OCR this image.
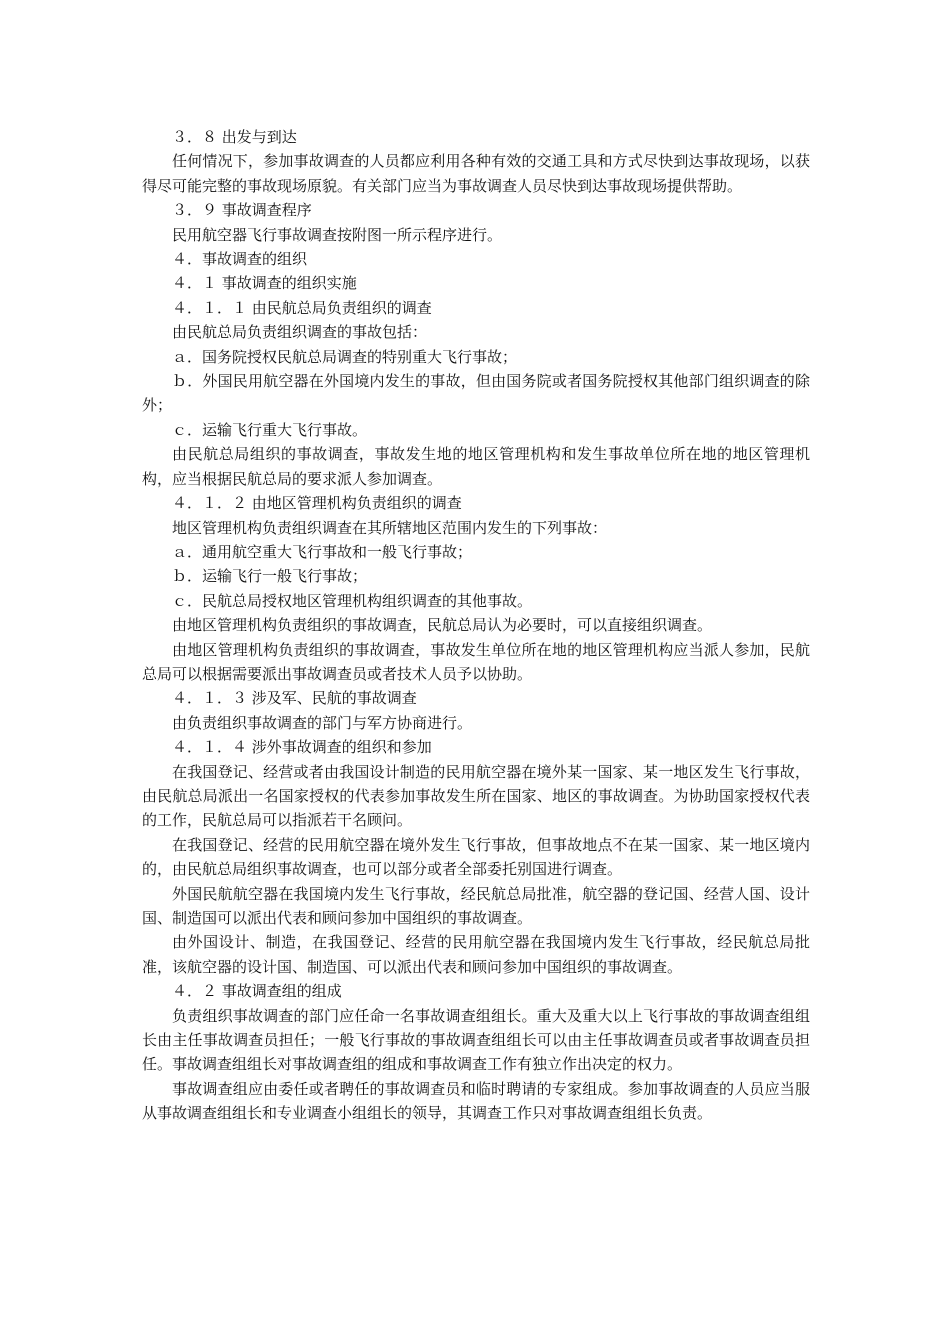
３．８ 出发与到达

任何情况下，参加事故调查的人员都应利用各种有效的交通工具和方式尽快到达事故现场，以获得尽可能完整的事故现场原貌。有关部门应当为事故调查人员尽快到达事故现场提供帮助。

３．９ 事故调查程序

民用航空器飞行事故调查按附图一所示程序进行。

４．事故调查的组织

４．１ 事故调查的组织实施

４．１．１ 由民航总局负责组织的调查

由民航总局负责组织调查的事故包括：

ａ．国务院授权民航总局调查的特别重大飞行事故；

ｂ．外国民用航空器在外国境内发生的事故，但由国务院或者国务院授权其他部门组织调查的除外；

ｃ．运输飞行重大飞行事故。

由民航总局组织的事故调查，事故发生地的地区管理机构和发生事故单位所在地的地区管理机构，应当根据民航总局的要求派人参加调查。

４．１．２ 由地区管理机构负责组织的调查

地区管理机构负责组织调查在其所辖地区范围内发生的下列事故：

ａ．通用航空重大飞行事故和一般飞行事故；

ｂ．运输飞行一般飞行事故；

ｃ．民航总局授权地区管理机构组织调查的其他事故。

由地区管理机构负责组织的事故调查，民航总局认为必要时，可以直接组织调查。

由地区管理机构负责组织的事故调查，事故发生单位所在地的地区管理机构应当派人参加，民航总局可以根据需要派出事故调查员或者技术人员予以协助。

４．１．３ 涉及军、民航的事故调查

由负责组织事故调查的部门与军方协商进行。

４．１．４ 涉外事故调查的组织和参加

在我国登记、经营或者由我国设计制造的民用航空器在境外某一国家、某一地区发生飞行事故，由民航总局派出一名国家授权的代表参加事故发生所在国家、地区的事故调查。为协助国家授权代表的工作，民航总局可以指派若干名顾问。

在我国登记、经营的民用航空器在境外发生飞行事故，但事故地点不在某一国家、某一地区境内的，由民航总局组织事故调查，也可以部分或者全部委托别国进行调查。

外国民航航空器在我国境内发生飞行事故，经民航总局批准，航空器的登记国、经营人国、设计国、制造国可以派出代表和顾问参加中国组织的事故调查。

由外国设计、制造，在我国登记、经营的民用航空器在我国境内发生飞行事故，经民航总局批准，该航空器的设计国、制造国、可以派出代表和顾问参加中国组织的事故调查。

４．２ 事故调查组的组成

负责组织事故调查的部门应任命一名事故调查组组长。重大及重大以上飞行事故的事故调查组组长由主任事故调查员担任；一般飞行事故的事故调查组组长可以由主任事故调查员或者事故调查员担任。事故调查组组长对事故调查组的组成和事故调查工作有独立作出决定的权力。

事故调查组应由委任或者聘任的事故调查员和临时聘请的专家组成。参加事故调查的人员应当服从事故调查组组长和专业调查小组组长的领导，其调查工作只对事故调查组组长负责。
